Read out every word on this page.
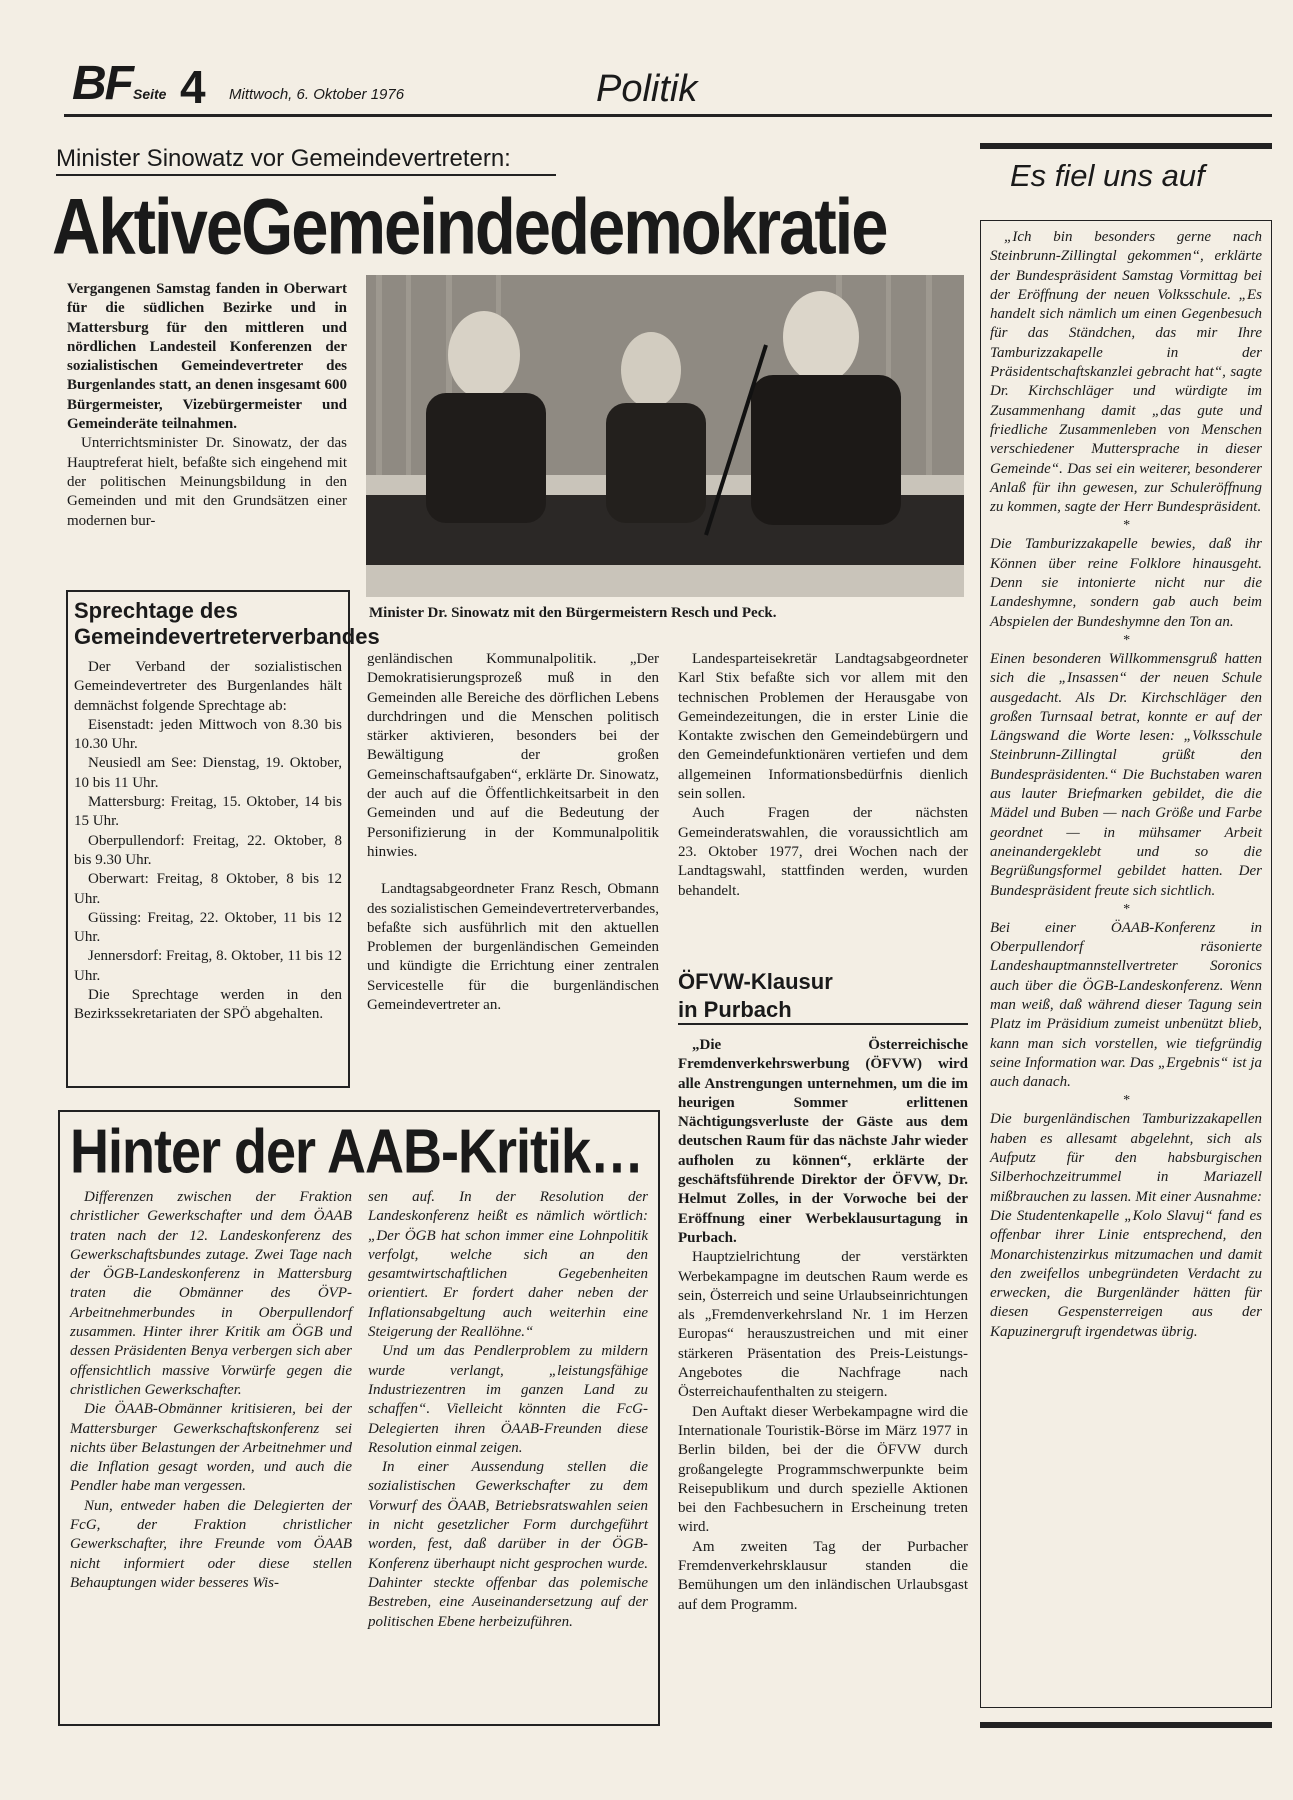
BF Seite 4 Mittwoch, 6. Oktober 1976	Politik
Minister Sinowatz vor Gemeindevertretern:
AktiveGemeindedemokratie

Vergangenen Samstag fanden in Oberwart für die südlichen Bezirke und in Mattersburg für den mittleren und nördlichen Landesteil Konferenzen der sozialistischen Gemeindevertreter des Burgenlandes statt, an denen insgesamt 600 Bürgermeister, Vizebürgermeister und Gemeinderäte teilnahmen.

Unterrichtsminister Dr. Sinowatz, der das Hauptreferat hielt, befaßte sich eingehend mit der politischen Meinungsbildung in den Gemeinden und mit den Grundsätzen einer modernen bur-

Minister Dr. Sinowatz mit den Bürgermeistern Resch und Peck.
Sprechtage des Gemeindevertreterverbandes

Der Verband der sozialistischen Gemeindevertreter des Burgenlandes hält demnächst folgende Sprechtage ab:

Eisenstadt: jeden Mittwoch von 8.30 bis 10.30 Uhr.

Neusiedl am See: Dienstag, 19. Oktober, 10 bis 11 Uhr.

Mattersburg: Freitag, 15. Oktober, 14 bis 15 Uhr.

Oberpullendorf: Freitag, 22. Oktober, 8 bis 9.30 Uhr.

Oberwart: Freitag, 8 Oktober, 8 bis 12 Uhr.

Güssing: Freitag, 22. Oktober, 11 bis 12 Uhr.

Jennersdorf: Freitag, 8. Oktober, 11 bis 12 Uhr.

Die Sprechtage werden in den Bezirkssekretariaten der SPÖ abgehalten.

genländischen Kommunalpolitik. „Der Demokratisierungsprozeß muß in den Gemeinden alle Bereiche des dörflichen Lebens durchdringen und die Menschen politisch stärker aktivieren, besonders bei der Bewältigung der großen Gemeinschaftsaufgaben“, erklärte Dr. Sinowatz, der auch auf die Öffentlichkeitsarbeit in den Gemeinden und auf die Bedeutung der Personifizierung in der Kommunalpolitik hinwies.

Landtagsabgeordneter Franz Resch, Obmann des sozialistischen Gemeindevertreterverbandes, befaßte sich ausführlich mit den aktuellen Problemen der burgenländischen Gemeinden und kündigte die Errichtung einer zentralen Servicestelle für die burgenländischen Gemeindevertreter an.

Landesparteisekretär Landtagsabgeordneter Karl Stix befaßte sich vor allem mit den technischen Problemen der Herausgabe von Gemeindezeitungen, die in erster Linie die Kontakte zwischen den Gemeindebürgern und den Gemeindefunktionären vertiefen und dem allgemeinen Informationsbedürfnis dienlich sein sollen.

Auch Fragen der nächsten Gemeinderatswahlen, die voraussichtlich am 23. Oktober 1977, drei Wochen nach der Landtagswahl, stattfinden werden, wurden behandelt.

ÖFVW-Klausur
in Purbach

„Die Österreichische Fremdenverkehrswerbung (ÖFVW) wird alle Anstrengungen unternehmen, um die im heurigen Sommer erlittenen Nächtigungsverluste der Gäste aus dem deutschen Raum für das nächste Jahr wieder aufholen zu können“, erklärte der geschäftsführende Direktor der ÖFVW, Dr. Helmut Zolles, in der Vorwoche bei der Eröffnung einer Werbeklausurtagung in Purbach.

Hauptzielrichtung der verstärkten Werbekampagne im deutschen Raum werde es sein, Österreich und seine Urlaubseinrichtungen als „Fremdenverkehrsland Nr. 1 im Herzen Europas“ herauszustreichen und mit einer stärkeren Präsentation des Preis-Leistungs-Angebotes die Nachfrage nach Österreichaufenthalten zu steigern.

Den Auftakt dieser Werbekampagne wird die Internationale Touristik-Börse im März 1977 in Berlin bilden, bei der die ÖFVW durch großangelegte Programmschwerpunkte beim Reisepublikum und durch spezielle Aktionen bei den Fachbesuchern in Erscheinung treten wird.

Am zweiten Tag der Purbacher Fremdenverkehrsklausur standen die Bemühungen um den inländischen Urlaubsgast auf dem Programm.

Hinter der AAB-Kritik…

Differenzen zwischen der Fraktion christlicher Gewerkschafter und dem ÖAAB traten nach der 12. Landeskonferenz des Gewerkschaftsbundes zutage. Zwei Tage nach der ÖGB-Landeskonferenz in Mattersburg traten die Obmänner des ÖVP-Arbeitnehmerbundes in Oberpullendorf zusammen. Hinter ihrer Kritik am ÖGB und dessen Präsidenten Benya verbergen sich aber offensichtlich massive Vorwürfe gegen die christlichen Gewerkschafter.

Die ÖAAB-Obmänner kritisieren, bei der Mattersburger Gewerkschaftskonferenz sei nichts über Belastungen der Arbeitnehmer und die Inflation gesagt worden, und auch die Pendler habe man vergessen.

Nun, entweder haben die Delegierten der FcG, der Fraktion christlicher Gewerkschafter, ihre Freunde vom ÖAAB nicht informiert oder diese stellen Behauptungen wider besseres Wis-

sen auf. In der Resolution der Landeskonferenz heißt es nämlich wörtlich: „Der ÖGB hat schon immer eine Lohnpolitik verfolgt, welche sich an den gesamtwirtschaftlichen Gegebenheiten orientiert. Er fordert daher neben der Inflationsabgeltung auch weiterhin eine Steigerung der Reallöhne.“

Und um das Pendlerproblem zu mildern wurde verlangt, „leistungsfähige Industriezentren im ganzen Land zu schaffen“. Vielleicht könnten die FcG-Delegierten ihren ÖAAB-Freunden diese Resolution einmal zeigen.

In einer Aussendung stellen die sozialistischen Gewerkschafter zu dem Vorwurf des ÖAAB, Betriebsratswahlen seien in nicht gesetzlicher Form durchgeführt worden, fest, daß darüber in der ÖGB-Konferenz überhaupt nicht gesprochen wurde. Dahinter steckte offenbar das polemische Bestreben, eine Auseinandersetzung auf der politischen Ebene herbeizuführen.

Es fiel uns auf

„Ich bin besonders gerne nach Steinbrunn-Zillingtal gekommen“, erklärte der Bundespräsident Samstag Vormittag bei der Eröffnung der neuen Volksschule. „Es handelt sich nämlich um einen Gegenbesuch für das Ständchen, das mir Ihre Tamburizzakapelle in der Präsidentschaftskanzlei gebracht hat“, sagte Dr. Kirchschläger und würdigte im Zusammenhang damit „das gute und friedliche Zusammenleben von Menschen verschiedener Muttersprache in dieser Gemeinde“. Das sei ein weiterer, besonderer Anlaß für ihn gewesen, zur Schuleröffnung zu kommen, sagte der Herr Bundespräsident.

*

Die Tamburizzakapelle bewies, daß ihr Können über reine Folklore hinausgeht. Denn sie intonierte nicht nur die Landeshymne, sondern gab auch beim Abspielen der Bundeshymne den Ton an.

*

Einen besonderen Willkommensgruß hatten sich die „Insassen“ der neuen Schule ausgedacht. Als Dr. Kirchschläger den großen Turnsaal betrat, konnte er auf der Längswand die Worte lesen: „Volksschule Steinbrunn-Zillingtal grüßt den Bundespräsidenten.“ Die Buchstaben waren aus lauter Briefmarken gebildet, die die Mädel und Buben — nach Größe und Farbe geordnet — in mühsamer Arbeit aneinandergeklebt und so die Begrüßungsformel gebildet hatten. Der Bundespräsident freute sich sichtlich.

*

Bei einer ÖAAB-Konferenz in Oberpullendorf räsonierte Landeshauptmannstellvertreter Soronics auch über die ÖGB-Landeskonferenz. Wenn man weiß, daß während dieser Tagung sein Platz im Präsidium zumeist unbenützt blieb, kann man sich vorstellen, wie tiefgründig seine Information war. Das „Ergebnis“ ist ja auch danach.

*

Die burgenländischen Tamburizzakapellen haben es allesamt abgelehnt, sich als Aufputz für den habsburgischen Silberhochzeitrummel in Mariazell mißbrauchen zu lassen. Mit einer Ausnahme: Die Studentenkapelle „Kolo Slavuj“ fand es offenbar ihrer Linie entsprechend, den Monarchistenzirkus mitzumachen und damit den zweifellos unbegründeten Verdacht zu erwecken, die Burgenländer hätten für diesen Gespensterreigen aus der Kapuzinergruft irgendetwas übrig.
